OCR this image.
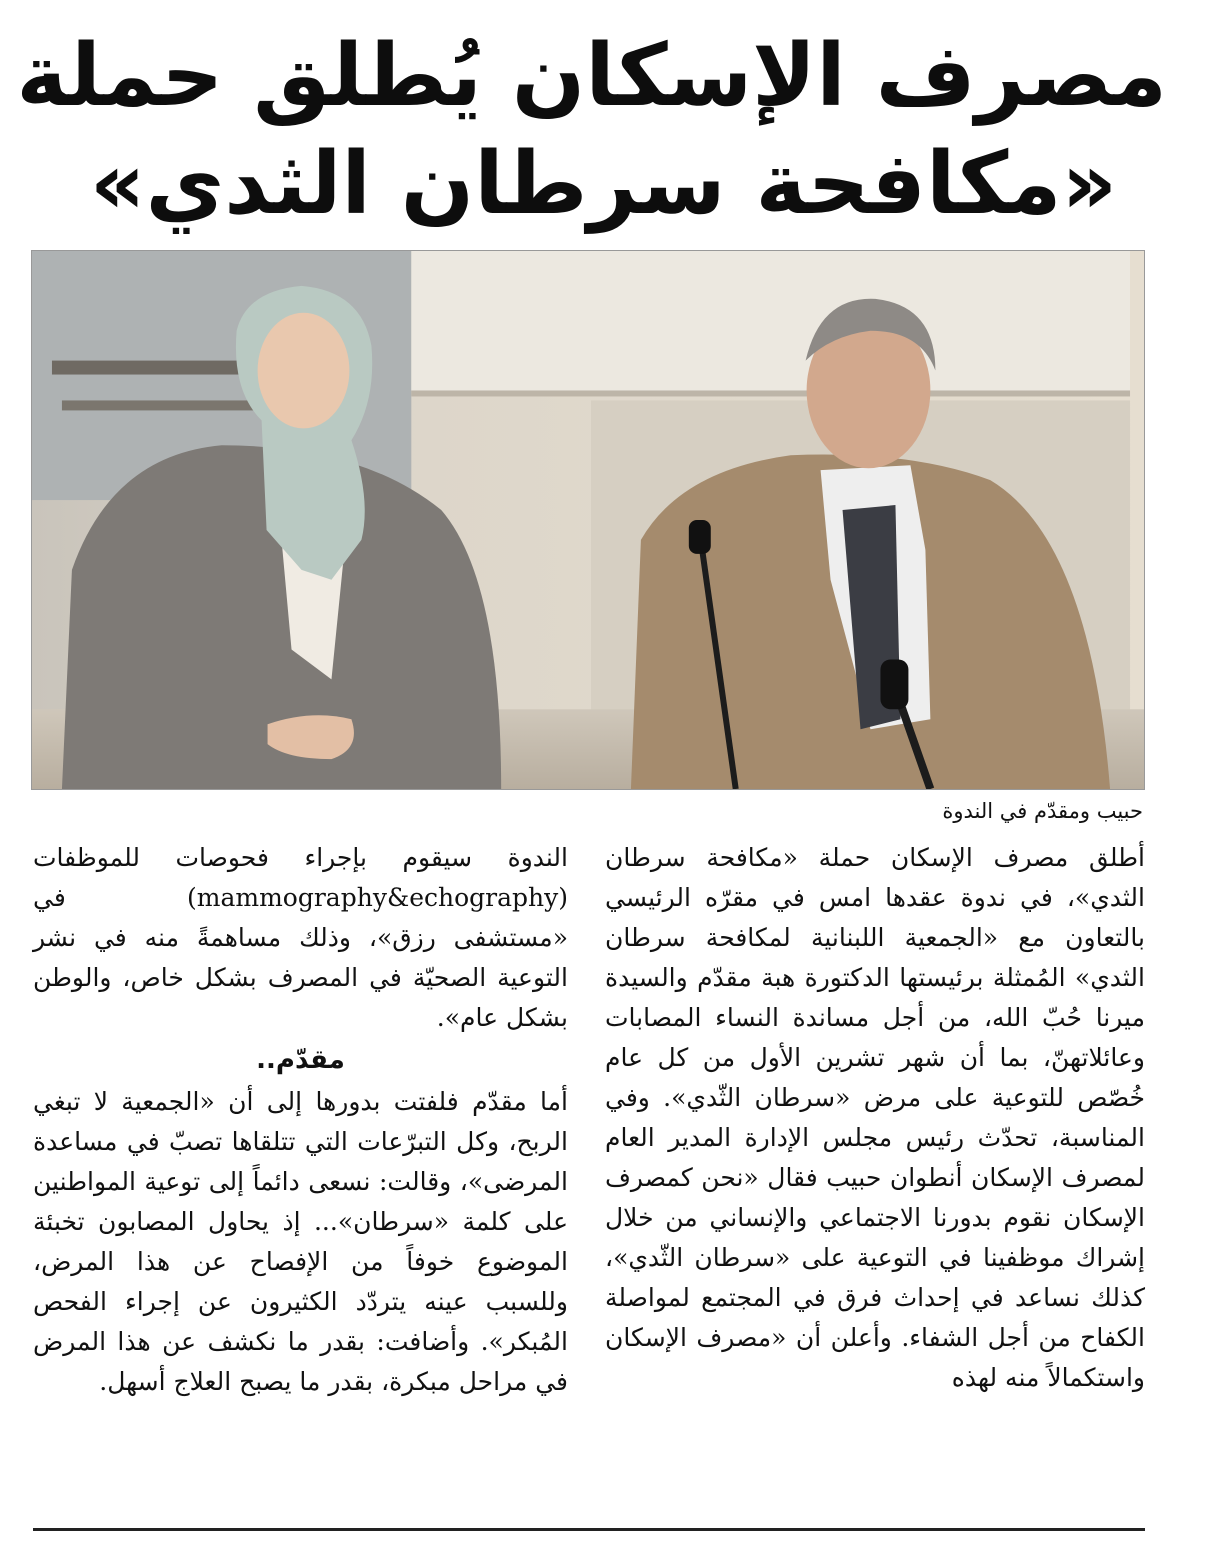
مصرف الإسكان يُطلق حملة
«مكافحة سرطان الثدي»
حبيب ومقدّم في الندوة

أطلق مصرف الإسكان حملة «مكافحة سرطان الثدي»، في ندوة عقدها امس في مقرّه الرئيسي بالتعاون مع «الجمعية اللبنانية لمكافحة سرطان الثدي» المُمثلة برئيستها الدكتورة هبة مقدّم والسيدة ميرنا حُبّ الله، من أجل مساندة النساء المصابات وعائلاتهنّ، بما أن شهر تشرين الأول من كل عام خُصّص للتوعية على مرض «سرطان الثّدي». وفي المناسبة، تحدّث رئيس مجلس الإدارة المدير العام لمصرف الإسكان أنطوان حبيب فقال «نحن كمصرف الإسكان نقوم بدورنا الاجتماعي والإنساني من خلال إشراك موظفينا في التوعية على «سرطان الثّدي»، كذلك نساعد في إحداث فرق في المجتمع لمواصلة الكفاح من أجل الشفاء. وأعلن أن «مصرف الإسكان واستكمالاً منه لهذه

الندوة سيقوم بإجراء فحوصات للموظفات (mammography&echography) في «مستشفى رزق»، وذلك مساهمةً منه في نشر التوعية الصحيّة في المصرف بشكل خاص، والوطن بشكل عام».

مقدّم..

أما مقدّم فلفتت بدورها إلى أن «الجمعية لا تبغي الربح، وكل التبرّعات التي تتلقاها تصبّ في مساعدة المرضى»، وقالت: نسعى دائماً إلى توعية المواطنين على كلمة «سرطان»... إذ يحاول المصابون تخبئة الموضوع خوفاً من الإفصاح عن هذا المرض، وللسبب عينه يتردّد الكثيرون عن إجراء الفحص المُبكر». وأضافت: بقدر ما نكشف عن هذا المرض في مراحل مبكرة، بقدر ما يصبح العلاج أسهل.
